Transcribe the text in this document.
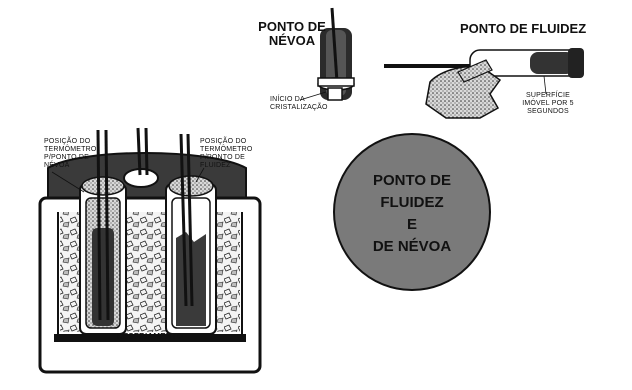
PONTO DE NÉVOA
INÍCIO DA CRISTALIZAÇÃO
PONTO DE FLUIDEZ
SUPERFÍCIE IMÓVEL POR 5 SEGUNDOS
POSIÇÃO DO TERMÔMETRO P/PONTO DE NÉVOA
POSIÇÃO DO TERMÔMETRO P/PONTO DE FLUIDEZ
RESFRIAMENTO
PONTO DE
FLUIDEZ
E
DE NÉVOA
